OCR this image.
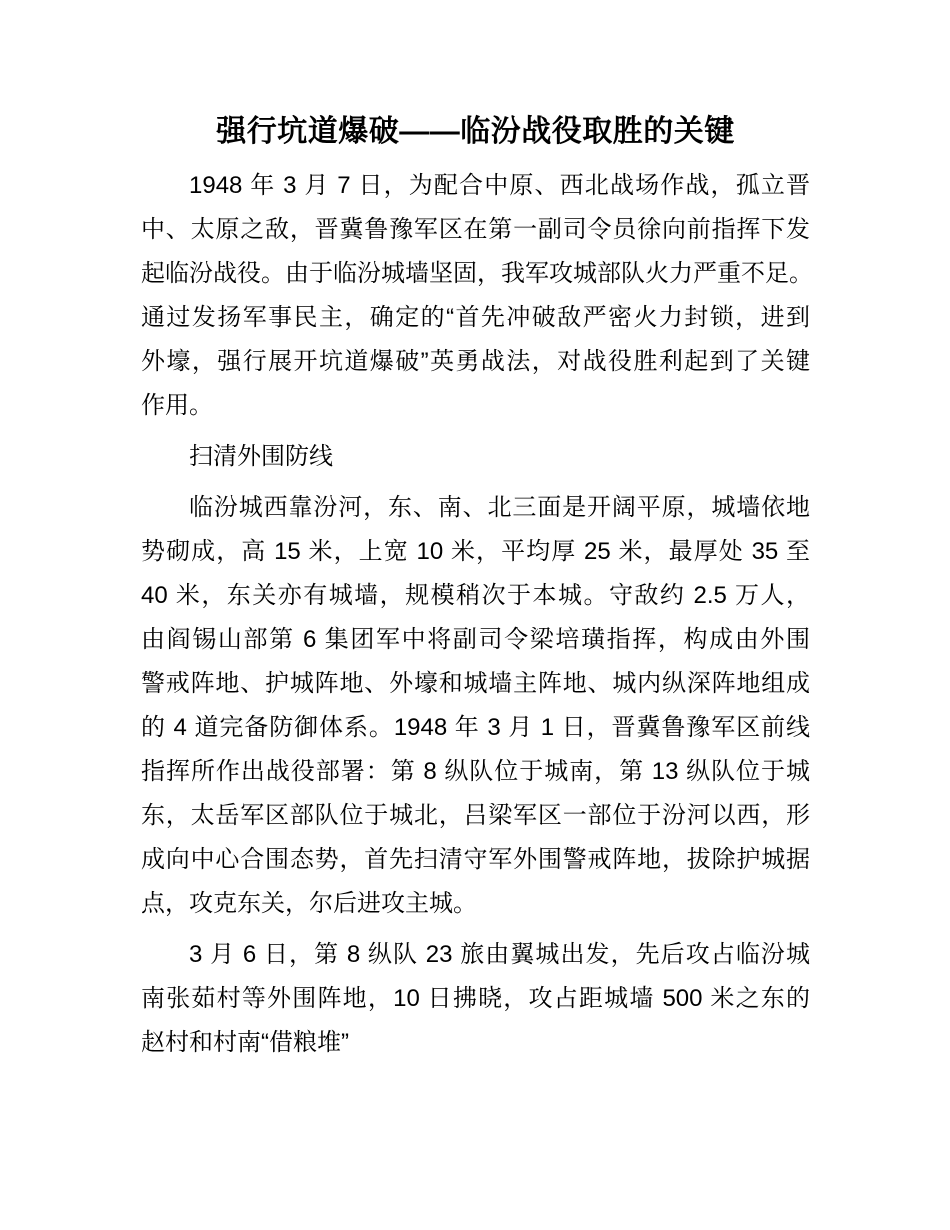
强行坑道爆破——临汾战役取胜的关键
1948 年 3 月 7 日，为配合中原、西北战场作战，孤立晋
中、太原之敌，晋冀鲁豫军区在第一副司令员徐向前指挥下发
起临汾战役。由于临汾城墙坚固，我军攻城部队火力严重不足。
通过发扬军事民主，确定的“首先冲破敌严密火力封锁，进到
外壕，强行展开坑道爆破”英勇战法，对战役胜利起到了关键
作用。
扫清外围防线
临汾城西靠汾河，东、南、北三面是开阔平原，城墙依地
势砌成，高 15 米，上宽 10 米，平均厚 25 米，最厚处 35 至
40 米，东关亦有城墙，规模稍次于本城。守敌约 2.5 万人，
由阎锡山部第 6 集团军中将副司令梁培璜指挥，构成由外围
警戒阵地、护城阵地、外壕和城墙主阵地、城内纵深阵地组成
的 4 道完备防御体系。1948 年 3 月 1 日，晋冀鲁豫军区前线
指挥所作出战役部署：第 8 纵队位于城南，第 13 纵队位于城
东，太岳军区部队位于城北，吕梁军区一部位于汾河以西，形
成向中心合围态势，首先扫清守军外围警戒阵地，拔除护城据
点，攻克东关，尔后进攻主城。
3 月 6 日，第 8 纵队 23 旅由翼城出发，先后攻占临汾城
南张茹村等外围阵地，10 日拂晓，攻占距城墙 500 米之东的
赵村和村南“借粮堆”
